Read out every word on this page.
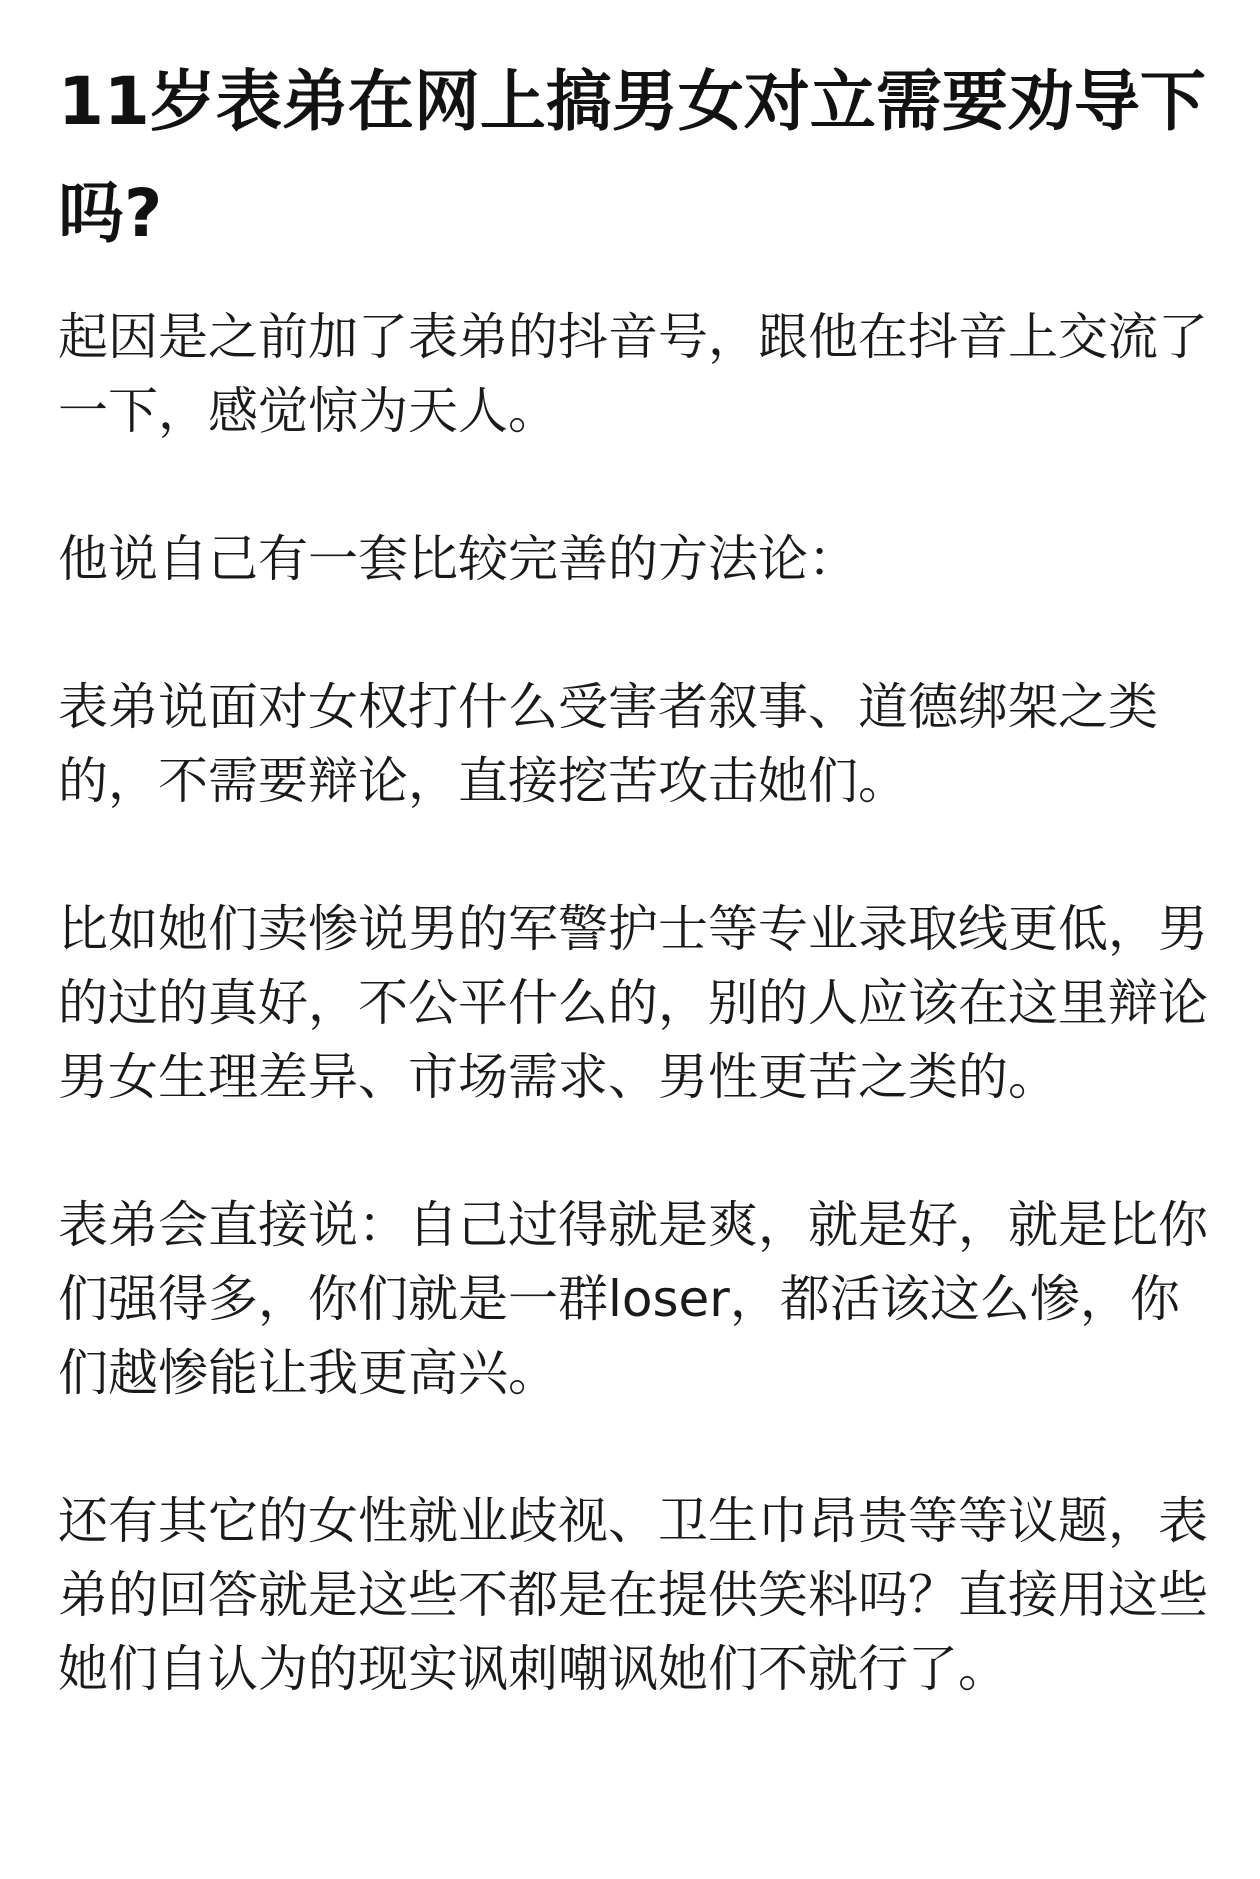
11岁表弟在网上搞男女对立需要劝导下吗?

起因是之前加了表弟的抖音号，跟他在抖音上交流了一下，感觉惊为天人。

他说自己有一套比较完善的方法论：

表弟说面对女权打什么受害者叙事、道德绑架之类的，不需要辩论，直接挖苦攻击她们。

比如她们卖惨说男的军警护士等专业录取线更低，男的过的真好，不公平什么的，别的人应该在这里辩论男女生理差异、市场需求、男性更苦之类的。

表弟会直接说：自己过得就是爽，就是好，就是比你们强得多，你们就是一群loser，都活该这么惨，你们越惨能让我更高兴。

还有其它的女性就业歧视、卫生巾昂贵等等议题，表弟的回答就是这些不都是在提供笑料吗？直接用这些她们自认为的现实讽刺嘲讽她们不就行了。
